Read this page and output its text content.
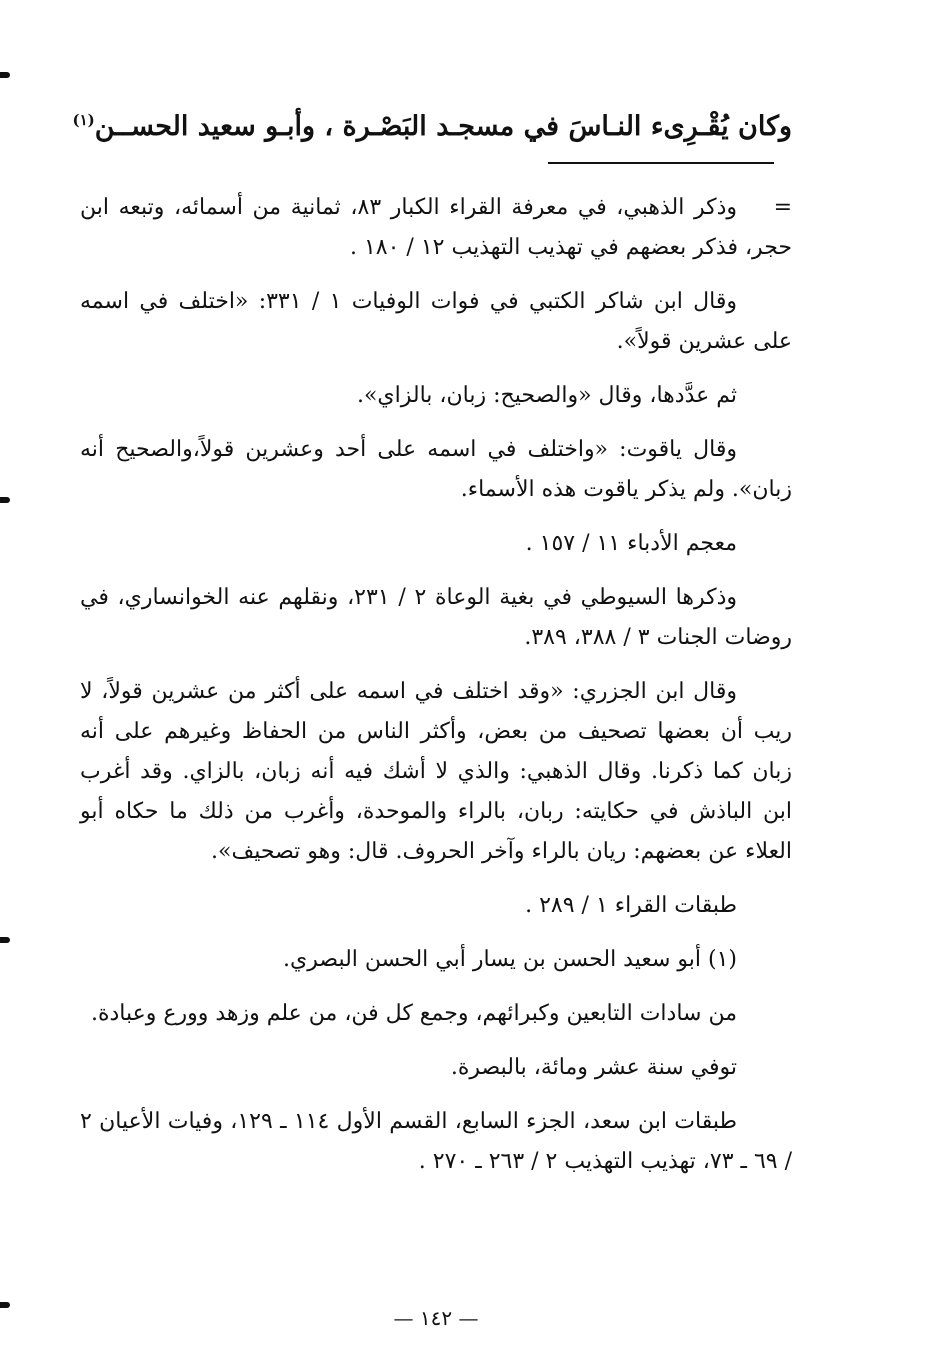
وكان يُقْـرِىء النـاسَ في مسجـد البَصْـرة ، وأبـو سعيد الحســن$^{(١)}$

=وذكر الذهبي، في معرفة القراء الكبار ٨٣، ثمانية من أسمائه، وتبعه ابن حجر، فذكر بعضهم في تهذيب التهذيب ١٢ / ١٨٠ .

وقال ابن شاكر الكتبي في فوات الوفيات ١ / ٣٣١: «اختلف في اسمه على عشرين قولاً».

ثم عدَّدها، وقال «والصحيح: زبان، بالزاي».

وقال ياقوت: «واختلف في اسمه على أحد وعشرين قولاً،والصحيح أنه زبان». ولم يذكر ياقوت هذه الأسماء.

معجم الأدباء ١١ / ١٥٧ .

وذكرها السيوطي في بغية الوعاة ٢ / ٢٣١، ونقلهم عنه الخوانساري، في روضات الجنات ٣ / ٣٨٨، ٣٨٩.

وقال ابن الجزري: «وقد اختلف في اسمه على أكثر من عشرين قولاً، لا ريب أن بعضها تصحيف من بعض، وأكثر الناس من الحفاظ وغيرهم على أنه زبان كما ذكرنا. وقال الذهبي: والذي لا أشك فيه أنه زبان، بالزاي. وقد أغرب ابن الباذش في حكايته: ربان، بالراء والموحدة، وأغرب من ذلك ما حكاه أبو العلاء عن بعضهم: ريان بالراء وآخر الحروف. قال: وهو تصحيف».

طبقات القراء ١ / ٢٨٩ .

(١) أبو سعيد الحسن بن يسار أبي الحسن البصري.

من سادات التابعين وكبرائهم، وجمع كل فن، من علم وزهد وورع وعبادة.

توفي سنة عشر ومائة، بالبصرة.

طبقات ابن سعد، الجزء السابع، القسم الأول ١١٤ ـ ١٢٩، وفيات الأعيان ٢ / ٦٩ ـ ٧٣، تهذيب التهذيب ٢ / ٢٦٣ ـ ٢٧٠ .

— ١٤٢ —
